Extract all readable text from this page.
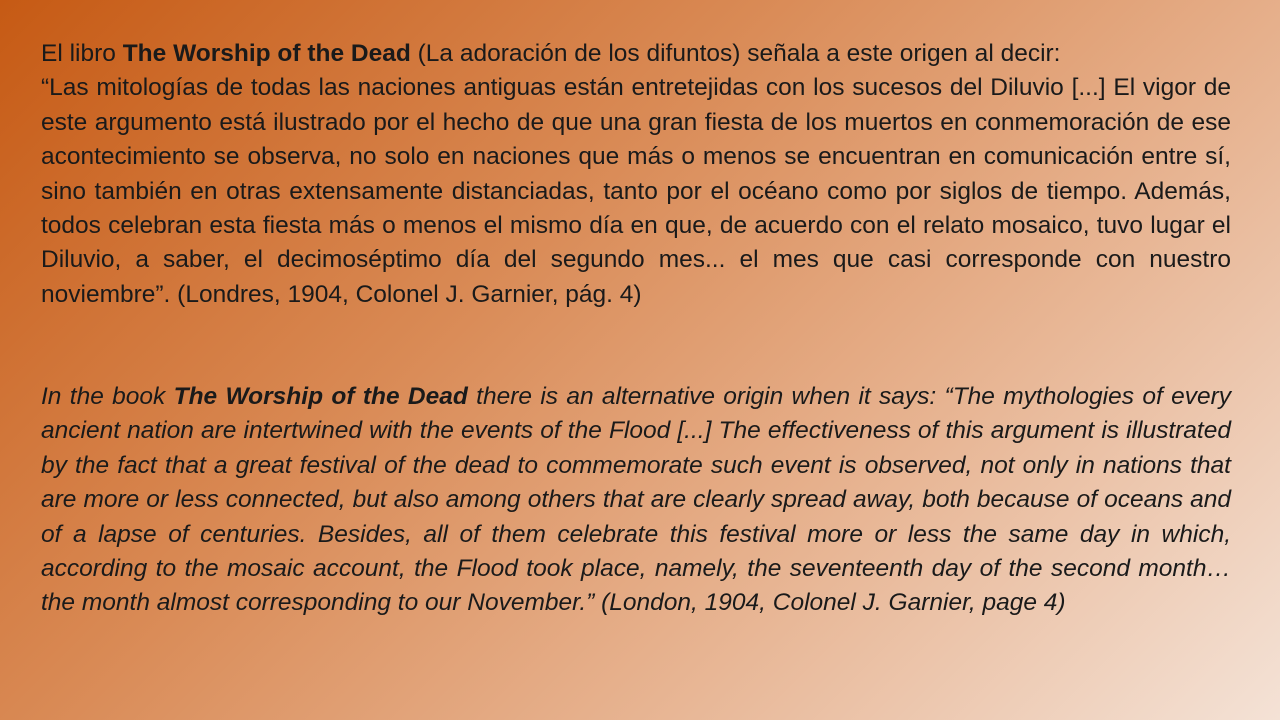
El libro The Worship of the Dead (La adoración de los difuntos) señala a este origen al decir:

“Las mitologías de todas las naciones antiguas están entretejidas con los sucesos del Diluvio [...] El vigor de este argumento está ilustrado por el hecho de que una gran fiesta de los muertos en conmemoración de ese acontecimiento se observa, no solo en naciones que más o menos se encuentran en comunicación entre sí, sino también en otras extensamente distanciadas, tanto por el océano como por siglos de tiempo. Además, todos celebran esta fiesta más o menos el mismo día en que, de acuerdo con el relato mosaico, tuvo lugar el Diluvio, a saber, el decimoséptimo día del segundo mes... el mes que casi corresponde con nuestro noviembre”. (Londres, 1904, Colonel J. Garnier, pág. 4)

In the book The Worship of the Dead there is an alternative origin when it says: “The mythologies of every ancient nation are intertwined with the events of the Flood [...] The effectiveness of this argument is illustrated by the fact that a great festival of the dead to commemorate such event is observed, not only in nations that are more or less connected, but also among others that are clearly spread away, both because of oceans and of a lapse of centuries. Besides, all of them celebrate this festival more or less the same day in which, according to the mosaic account, the Flood took place, namely, the seventeenth day of the second month… the month almost corresponding to our November.” (London, 1904, Colonel J. Garnier, page 4)
